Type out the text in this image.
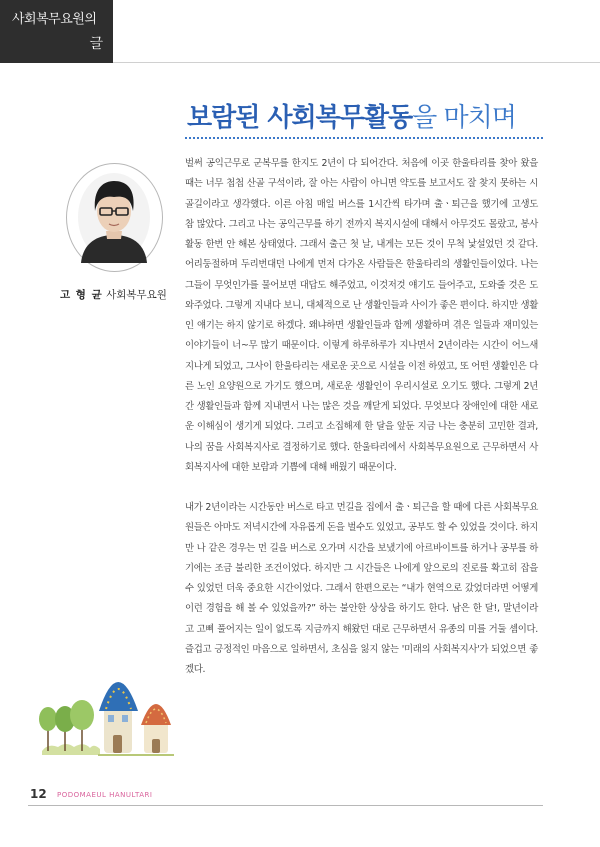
사회복무요원의
글
보람된 사회복무활동을 마치며
고 형 균 사회복무요원

벌써 공익근무로 군복무를 한지도 2년이 다 되어간다. 처음에 이곳 한울타리를 찾아 왔을 때는 너무 첩첩 산골 구석이라, 잘 아는 사람이 아니면 약도를 보고서도 잘 찾지 못하는 시골길이라고 생각했다. 이른 아침 매일 버스를 1시간씩 타가며 출ㆍ퇴근을 했기에 고생도 참 많았다. 그리고 나는 공익근무를 하기 전까지 복지시설에 대해서 아무것도 몰랐고, 봉사활동 한번 안 해본 상태였다. 그래서 출근 첫 날, 내게는 모든 것이 무척 낯설었던 것 같다. 어리둥절하며 두리번대던 나에게 먼저 다가온 사람들은 한울타리의 생활인들이었다. 나는 그들이 무엇인가를 물어보면 대답도 해주었고, 이것저것 얘기도 들어주고, 도와줄 것은 도와주었다. 그렇게 지내다 보니, 대체적으로 난 생활인들과 사이가 좋은 편이다. 하지만 생활인 얘기는 하지 않기로 하겠다. 왜냐하면 생활인들과 함께 생활하며 겪은 일들과 재미있는 이야기들이 너~무 많기 때문이다. 이렇게 하루하루가 지나면서 2년이라는 시간이 어느새 지나게 되었고, 그사이 한울타리는 새로운 곳으로 시설을 이전 하였고, 또 어떤 생활인은 다른 노인 요양원으로 가기도 했으며, 새로운 생활인이 우리시설로 오기도 했다. 그렇게 2년간 생활인들과 함께 지내면서 나는 많은 것을 깨닫게 되었다. 무엇보다 장애인에 대한 새로운 이해심이 생기게 되었다. 그리고 소집해제 한 달을 앞둔 지금 나는 충분히 고민한 결과, 나의 꿈을 사회복지사로 결정하기로 했다. 한울타리에서 사회복무요원으로 근무하면서 사회복지사에 대한 보람과 기쁨에 대해 배웠기 때문이다.

내가 2년이라는 시간동안 버스로 타고 먼길을 집에서 출ㆍ퇴근을 할 때에 다른 사회복무요원들은 아마도 저녁시간에 자유롭게 돈을 벌수도 있었고, 공부도 할 수 있었을 것이다. 하지만 나 같은 경우는 먼 길을 버스로 오가며 시간을 보냈기에 아르바이트를 하거나 공부를 하기에는 조금 불리한 조건이었다. 하지만 그 시간들은 나에게 앞으로의 진로를 확고히 잡을 수 있었던 더욱 중요한 시간이었다. 그래서 한편으로는 “내가 현역으로 갔었더라면 어떻게 이런 경험을 해 볼 수 있었을까?” 하는 불안한 상상을 하기도 한다. 남은 한 달!, 말년이라고 고삐 풀어지는 일이 없도록 지금까지 해왔던 대로 근무하면서 유종의 미를 거둘 셈이다. 즐겁고 긍정적인 마음으로 일하면서, 초심을 잃지 않는 '미래의 사회복지사'가 되었으면 좋겠다.

12 PODOMAEUL HANULTARI
